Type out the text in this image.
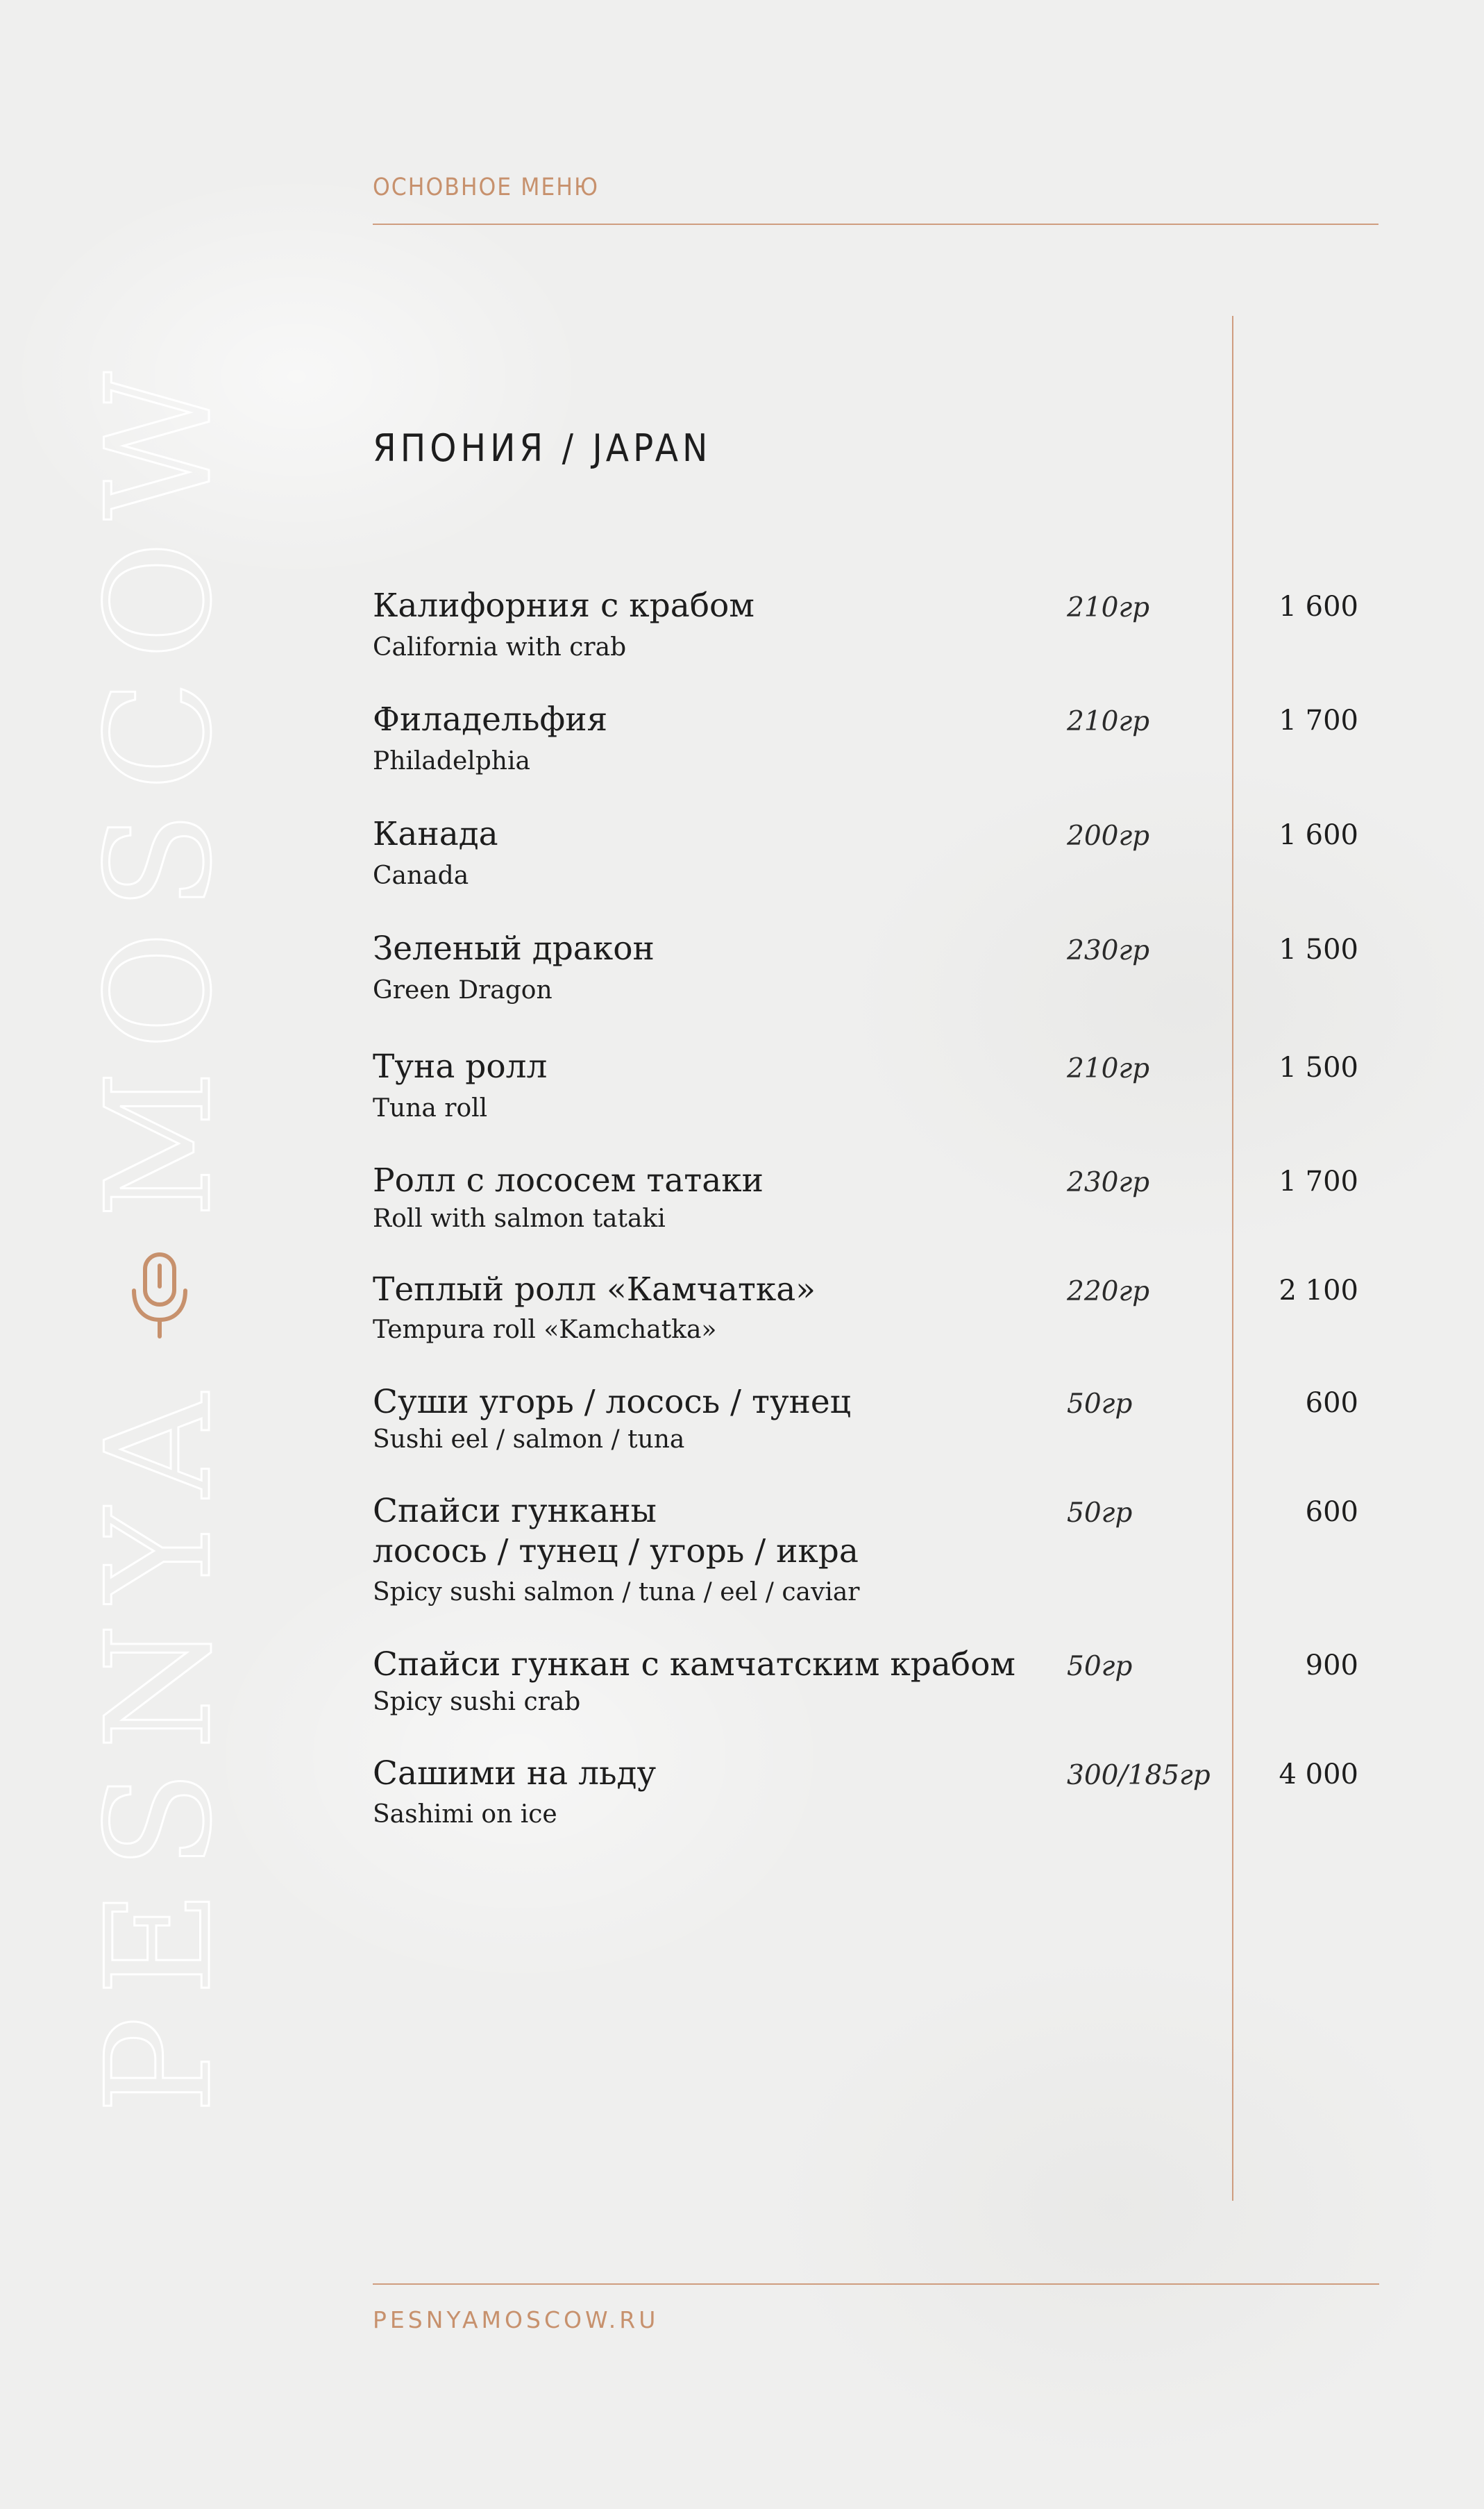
PESNYA
MOSCOW
ОСНОВНОЕ МЕНЮ
ЯПОНИЯ / JAPAN
Калифорния с крабом
California with crab
210гр	1 600
Филадельфия
Philadelphia
210гр	1 700
Канада
Canada
200гр	1 600
Зеленый дракон
Green Dragon
230гр	1 500
Туна ролл
Tuna roll
210гр	1 500
Ролл с лососем татаки
Roll with salmon tataki
230гр	1 700
Теплый ролл «Камчатка»
Tempura roll «Kamchatka»
220гр	2 100
Суши угорь / лосось / тунец
Sushi eel / salmon / tuna
50гр	600
Спайси гунканы
лосось / тунец / угорь / икра
Spicy sushi salmon / tuna / eel / caviar
50гр	600
Спайси гункан с камчатским крабом
Spicy sushi crab
50гр	900
Сашими на льду
Sashimi on ice
300/185гр	4 000
PESNYAMOSCOW.RU
